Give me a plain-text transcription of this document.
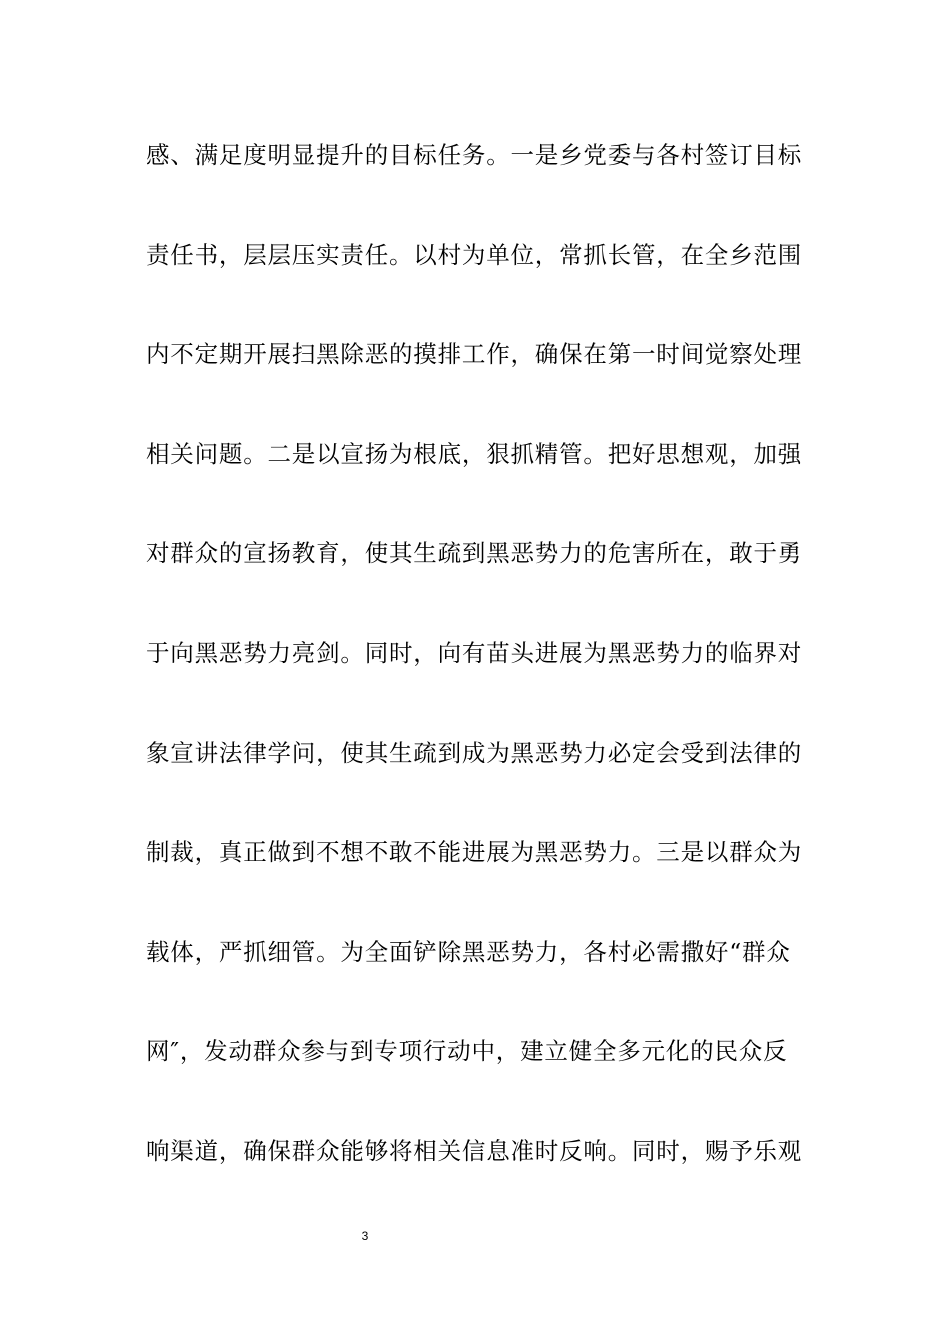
感、满足度明显提升的目标任务。一是乡党委与各村签订目标
责任书，层层压实责任。以村为单位，常抓长管，在全乡范围
内不定期开展扫黑除恶的摸排工作，确保在第一时间觉察处理
相关问题。二是以宣扬为根底，狠抓精管。把好思想观，加强
对群众的宣扬教育，使其生疏到黑恶势力的危害所在，敢于勇
于向黑恶势力亮剑。同时，向有苗头进展为黑恶势力的临界对
象宣讲法律学问，使其生疏到成为黑恶势力必定会受到法律的
制裁，真正做到不想不敢不能进展为黑恶势力。三是以群众为
载体，严抓细管。为全面铲除黑恶势力，各村必需撒好“群众
网″，发动群众参与到专项行动中，建立健全多元化的民众反
响渠道，确保群众能够将相关信息准时反响。同时，赐予乐观
3
